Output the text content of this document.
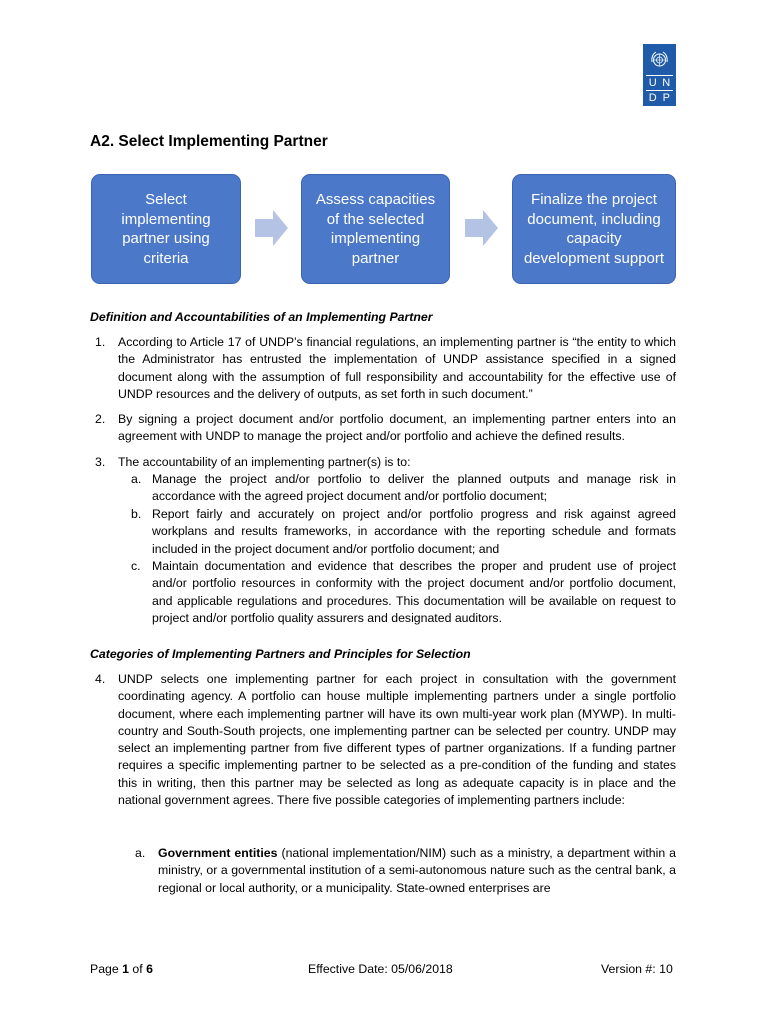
U N
D P
A2. Select Implementing Partner
Select implementing partner using criteria
Assess capacities of the selected implementing partner
Finalize the project document, including capacity development support
Definition and Accountabilities of an Implementing Partner
1. According to Article 17 of UNDP’s financial regulations, an implementing partner is “the entity to which the Administrator has entrusted the implementation of UNDP assistance specified in a signed document along with the assumption of full responsibility and accountability for the effective use of UNDP resources and the delivery of outputs, as set forth in such document.”
2. By signing a project document and/or portfolio document, an implementing partner enters into an agreement with UNDP to manage the project and/or portfolio and achieve the defined results.
3. The accountability of an implementing partner(s) is to:
a. Manage the project and/or portfolio to deliver the planned outputs and manage risk in accordance with the agreed project document and/or portfolio document;
b. Report fairly and accurately on project and/or portfolio progress and risk against agreed workplans and results frameworks, in accordance with the reporting schedule and formats included in the project document and/or portfolio document; and
c. Maintain documentation and evidence that describes the proper and prudent use of project and/or portfolio resources in conformity with the project document and/or portfolio document, and applicable regulations and procedures. This documentation will be available on request to project and/or portfolio quality assurers and designated auditors.
Categories of Implementing Partners and Principles for Selection
4. UNDP selects one implementing partner for each project in consultation with the government coordinating agency. A portfolio can house multiple implementing partners under a single portfolio document, where each implementing partner will have its own multi-year work plan (MYWP). In multi-country and South-South projects, one implementing partner can be selected per country. UNDP may select an implementing partner from five different types of partner organizations. If a funding partner requires a specific implementing partner to be selected as a pre-condition of the funding and states this in writing, then this partner may be selected as long as adequate capacity is in place and the national government agrees. There five possible categories of implementing partners include:
a. Government entities (national implementation/NIM) such as a ministry, a department within a ministry, or a governmental institution of a semi-autonomous nature such as the central bank, a regional or local authority, or a municipality. State-owned enterprises are
Page 1 of 6	Effective Date: 05/06/2018	Version #: 10
